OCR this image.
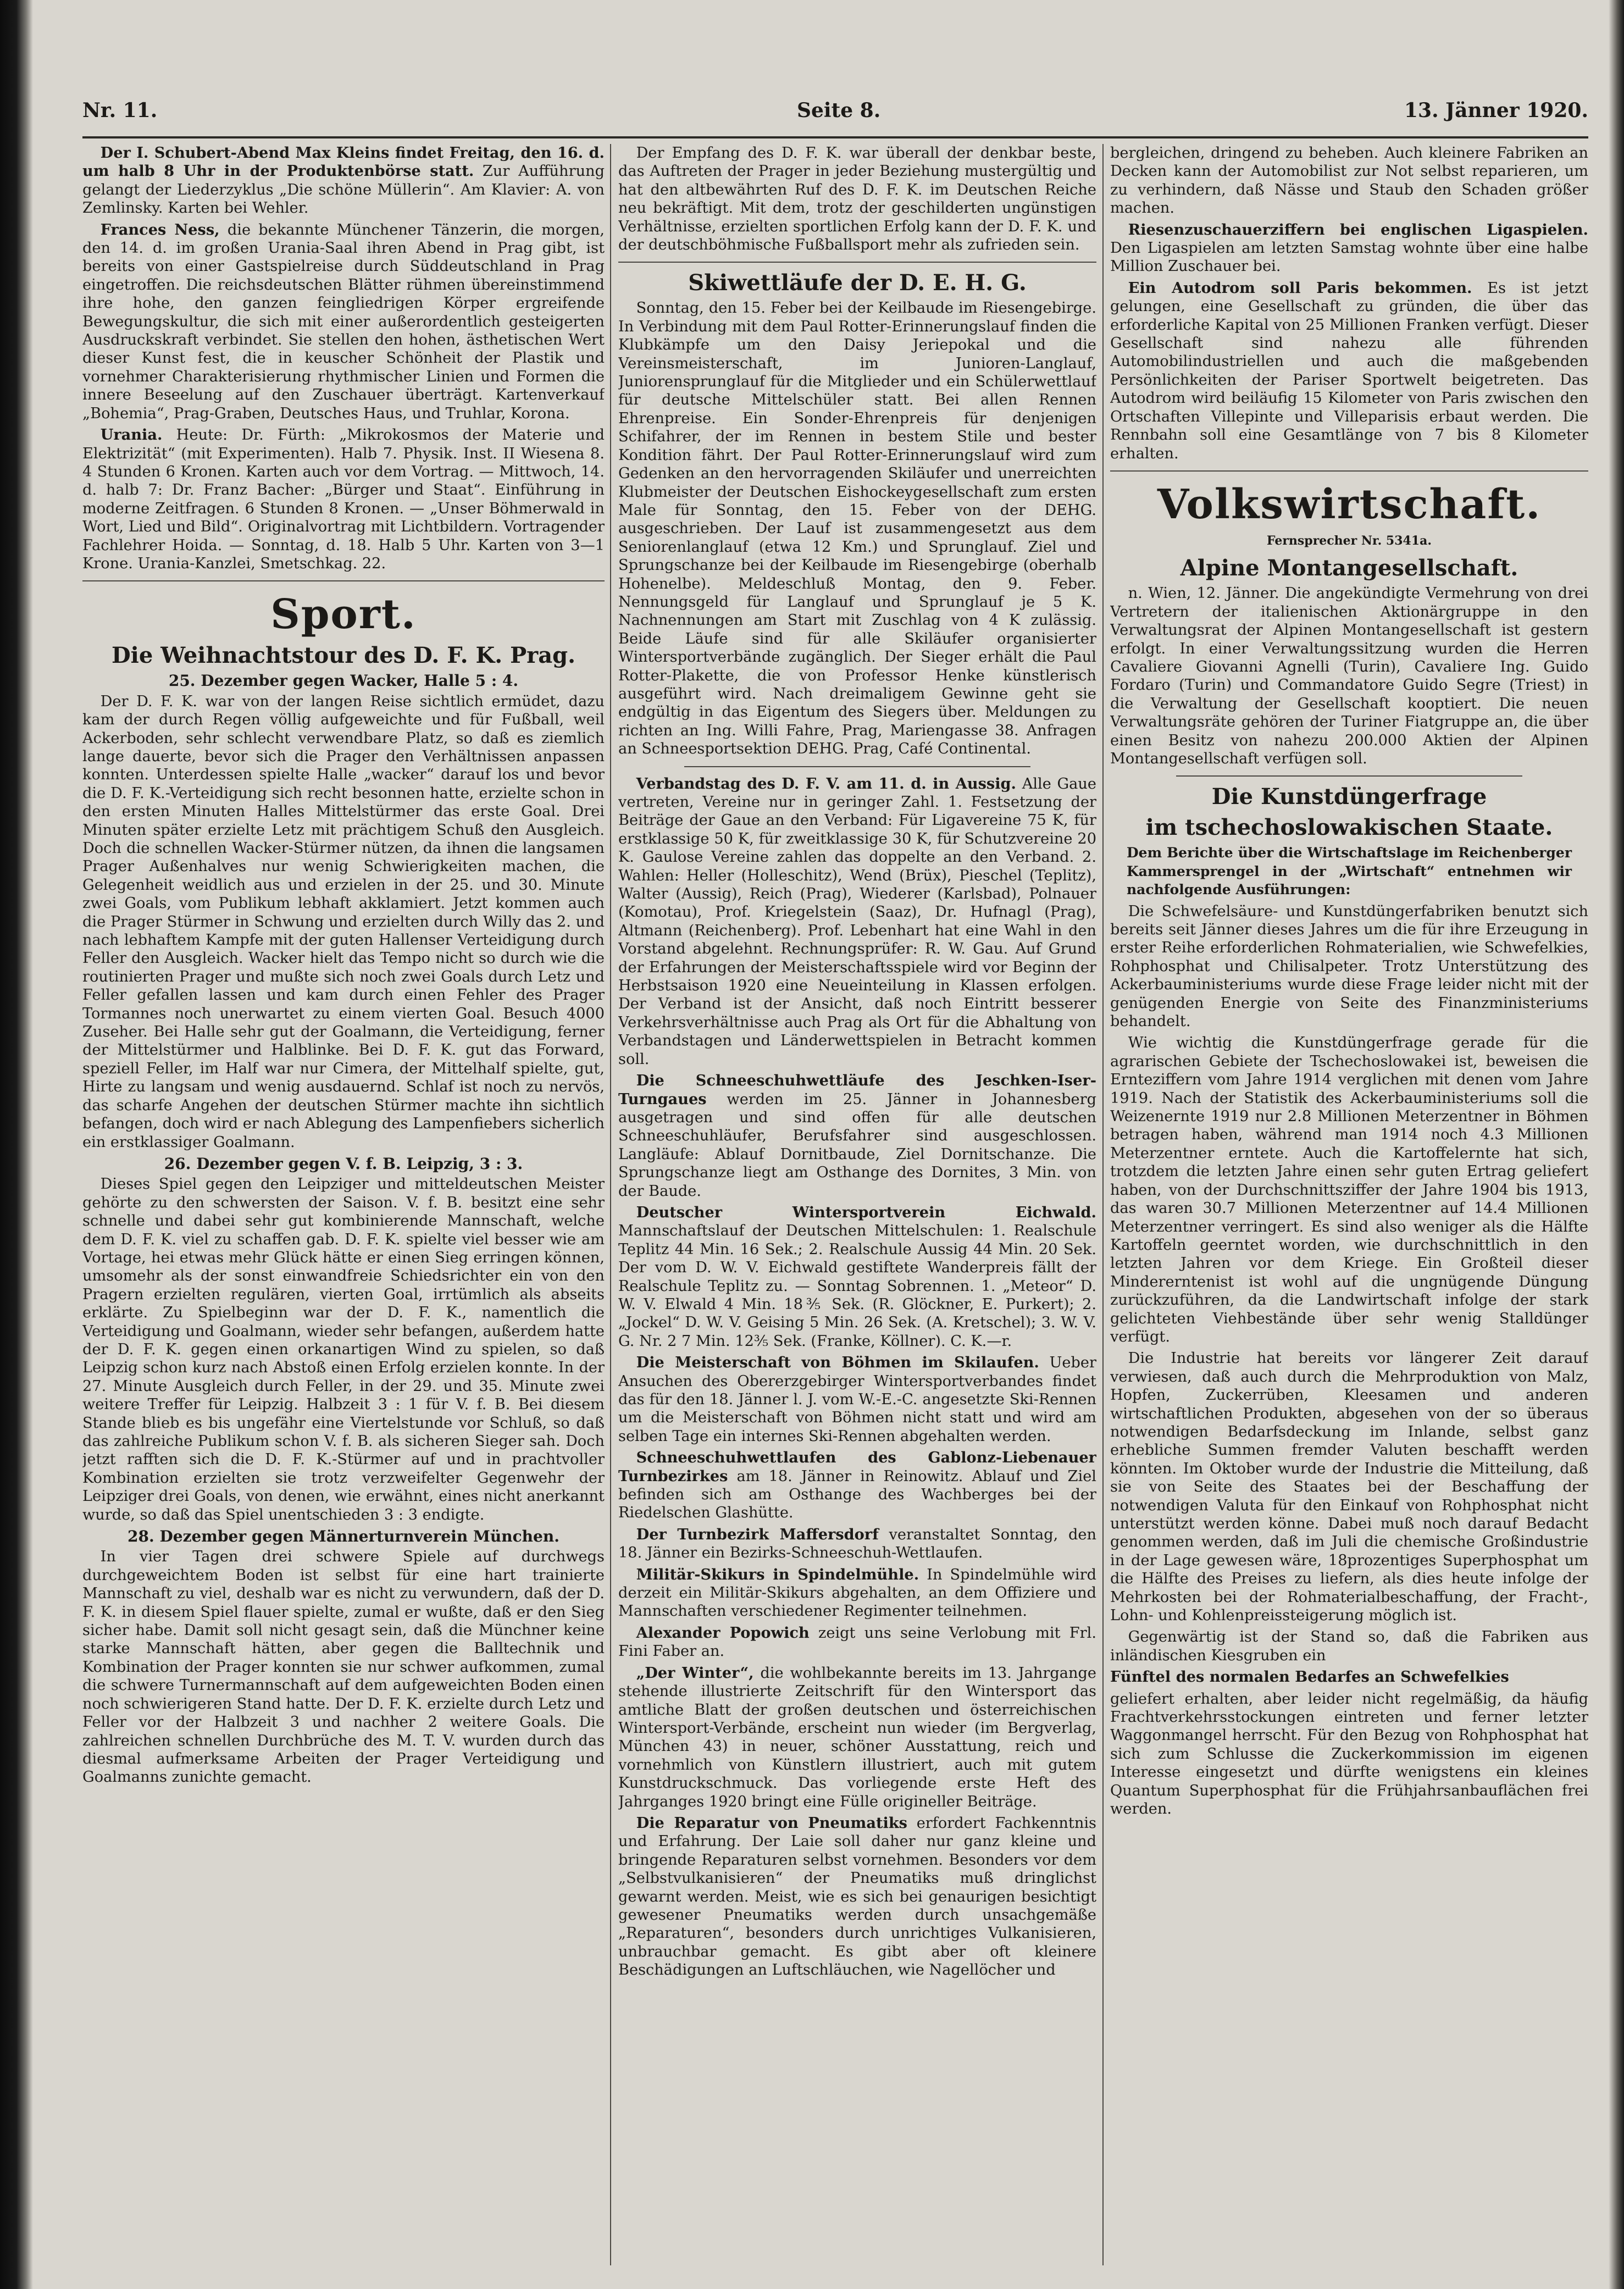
Nr. 11.	Seite 8.	13. Jänner 1920.

Der I. Schubert-Abend Max Kleins findet Freitag, den 16. d. um halb 8 Uhr in der Produktenbörse statt. Zur Aufführung gelangt der Liederzyklus „Die schöne Müllerin“. Am Klavier: A. von Zemlinsky. Karten bei Wehler.

Frances Ness, die bekannte Münchener Tänzerin, die morgen, den 14. d. im großen Urania-Saal ihren Abend in Prag gibt, ist bereits von einer Gastspielreise durch Süddeutschland in Prag eingetroffen. Die reichsdeutschen Blätter rühmen übereinstimmend ihre hohe, den ganzen feingliedrigen Körper ergreifende Bewegungskultur, die sich mit einer außerordentlich gesteigerten Ausdruckskraft verbindet. Sie stellen den hohen, ästhetischen Wert dieser Kunst fest, die in keuscher Schönheit der Plastik und vornehmer Charakterisierung rhythmischer Linien und Formen die innere Beseelung auf den Zuschauer überträgt. Kartenverkauf „Bohemia“, Prag-Graben, Deutsches Haus, und Truhlar, Korona.

Urania. Heute: Dr. Fürth: „Mikrokosmos der Materie und Elektrizität“ (mit Experimenten). Halb 7. Physik. Inst. II Wiesena 8. 4 Stunden 6 Kronen. Karten auch vor dem Vortrag. — Mittwoch, 14. d. halb 7: Dr. Franz Bacher: „Bürger und Staat“. Einführung in moderne Zeitfragen. 6 Stunden 8 Kronen. — „Unser Böhmerwald in Wort, Lied und Bild“. Originalvortrag mit Lichtbildern. Vortragender Fachlehrer Hoida. — Sonntag, d. 18. Halb 5 Uhr. Karten von 3—1 Krone. Urania-Kanzlei, Smetschkag. 22.

Sport.
Die Weihnachtstour des D. F. K. Prag.
25. Dezember gegen Wacker, Halle 5 : 4.

Der D. F. K. war von der langen Reise sichtlich ermüdet, dazu kam der durch Regen völlig aufgeweichte und für Fußball, weil Ackerboden, sehr schlecht verwendbare Platz, so daß es ziemlich lange dauerte, bevor sich die Prager den Verhältnissen anpassen konnten. Unterdessen spielte Halle „wacker“ darauf los und bevor die D. F. K.-Verteidigung sich recht besonnen hatte, erzielte schon in den ersten Minuten Halles Mittelstürmer das erste Goal. Drei Minuten später erzielte Letz mit prächtigem Schuß den Ausgleich. Doch die schnellen Wacker-Stürmer nützen, da ihnen die langsamen Prager Außenhalves nur wenig Schwierigkeiten machen, die Gelegenheit weidlich aus und erzielen in der 25. und 30. Minute zwei Goals, vom Publikum lebhaft akklamiert. Jetzt kommen auch die Prager Stürmer in Schwung und erzielten durch Willy das 2. und nach lebhaftem Kampfe mit der guten Hallenser Verteidigung durch Feller den Ausgleich. Wacker hielt das Tempo nicht so durch wie die routinierten Prager und mußte sich noch zwei Goals durch Letz und Feller gefallen lassen und kam durch einen Fehler des Prager Tormannes noch unerwartet zu einem vierten Goal. Besuch 4000 Zuseher. Bei Halle sehr gut der Goalmann, die Verteidigung, ferner der Mittelstürmer und Halblinke. Bei D. F. K. gut das Forward, speziell Feller, im Half war nur Cimera, der Mittelhalf spielte, gut, Hirte zu langsam und wenig ausdauernd. Schlaf ist noch zu nervös, das scharfe Angehen der deutschen Stürmer machte ihn sichtlich befangen, doch wird er nach Ablegung des Lampenfiebers sicherlich ein erstklassiger Goalmann.

26. Dezember gegen V. f. B. Leipzig, 3 : 3.

Dieses Spiel gegen den Leipziger und mitteldeutschen Meister gehörte zu den schwersten der Saison. V. f. B. besitzt eine sehr schnelle und dabei sehr gut kombinierende Mannschaft, welche dem D. F. K. viel zu schaffen gab. D. F. K. spielte viel besser wie am Vortage, hei etwas mehr Glück hätte er einen Sieg erringen können, umsomehr als der sonst einwandfreie Schiedsrichter ein von den Pragern erzielten regulären, vierten Goal, irrtümlich als abseits erklärte. Zu Spielbeginn war der D. F. K., namentlich die Verteidigung und Goalmann, wieder sehr befangen, außerdem hatte der D. F. K. gegen einen orkanartigen Wind zu spielen, so daß Leipzig schon kurz nach Abstoß einen Erfolg erzielen konnte. In der 27. Minute Ausgleich durch Feller, in der 29. und 35. Minute zwei weitere Treffer für Leipzig. Halbzeit 3 : 1 für V. f. B. Bei diesem Stande blieb es bis ungefähr eine Viertelstunde vor Schluß, so daß das zahlreiche Publikum schon V. f. B. als sicheren Sieger sah. Doch jetzt rafften sich die D. F. K.-Stürmer auf und in prachtvoller Kombination erzielten sie trotz verzweifelter Gegenwehr der Leipziger drei Goals, von denen, wie erwähnt, eines nicht anerkannt wurde, so daß das Spiel unentschieden 3 : 3 endigte.

28. Dezember gegen Männerturnverein München.

In vier Tagen drei schwere Spiele auf durchwegs durchgeweichtem Boden ist selbst für eine hart trainierte Mannschaft zu viel, deshalb war es nicht zu verwundern, daß der D. F. K. in diesem Spiel flauer spielte, zumal er wußte, daß er den Sieg sicher habe. Damit soll nicht gesagt sein, daß die Münchner keine starke Mannschaft hätten, aber gegen die Balltechnik und Kombination der Prager konnten sie nur schwer aufkommen, zumal die schwere Turnermannschaft auf dem aufgeweichten Boden einen noch schwierigeren Stand hatte. Der D. F. K. erzielte durch Letz und Feller vor der Halbzeit 3 und nachher 2 weitere Goals. Die zahlreichen schnellen Durchbrüche des M. T. V. wurden durch das diesmal aufmerksame Arbeiten der Prager Verteidigung und Goalmanns zunichte gemacht.

Der Empfang des D. F. K. war überall der denkbar beste, das Auftreten der Prager in jeder Beziehung mustergültig und hat den altbewährten Ruf des D. F. K. im Deutschen Reiche neu bekräftigt. Mit dem, trotz der geschilderten ungünstigen Verhältnisse, erzielten sportlichen Erfolg kann der D. F. K. und der deutschböhmische Fußballsport mehr als zufrieden sein.

Skiwettläufe der D. E. H. G.

Sonntag, den 15. Feber bei der Keilbaude im Riesengebirge. In Verbindung mit dem Paul Rotter-Erinnerungslauf finden die Klubkämpfe um den Daisy Jeriepokal und die Vereinsmeisterschaft, im Junioren-Langlauf, Juniorensprunglauf für die Mitglieder und ein Schülerwettlauf für deutsche Mittelschüler statt. Bei allen Rennen Ehrenpreise. Ein Sonder-Ehrenpreis für denjenigen Schifahrer, der im Rennen in bestem Stile und bester Kondition fährt. Der Paul Rotter-Erinnerungslauf wird zum Gedenken an den hervorragenden Skiläufer und unerreichten Klubmeister der Deutschen Eishockeygesellschaft zum ersten Male für Sonntag, den 15. Feber von der DEHG. ausgeschrieben. Der Lauf ist zusammengesetzt aus dem Seniorenlanglauf (etwa 12 Km.) und Sprunglauf. Ziel und Sprungschanze bei der Keilbaude im Riesengebirge (oberhalb Hohenelbe). Meldeschluß Montag, den 9. Feber. Nennungsgeld für Langlauf und Sprunglauf je 5 K. Nachnennungen am Start mit Zuschlag von 4 K zulässig. Beide Läufe sind für alle Skiläufer organisierter Wintersportverbände zugänglich. Der Sieger erhält die Paul Rotter-Plakette, die von Professor Henke künstlerisch ausgeführt wird. Nach dreimaligem Gewinne geht sie endgültig in das Eigentum des Siegers über. Meldungen zu richten an Ing. Willi Fahre, Prag, Mariengasse 38. Anfragen an Schneesportsektion DEHG. Prag, Café Continental.

Verbandstag des D. F. V. am 11. d. in Aussig. Alle Gaue vertreten, Vereine nur in geringer Zahl. 1. Festsetzung der Beiträge der Gaue an den Verband: Für Ligavereine 75 K, für erstklassige 50 K, für zweitklassige 30 K, für Schutzvereine 20 K. Gaulose Vereine zahlen das doppelte an den Verband. 2. Wahlen: Heller (Holleschitz), Wend (Brüx), Pieschel (Teplitz), Walter (Aussig), Reich (Prag), Wiederer (Karlsbad), Polnauer (Komotau), Prof. Kriegelstein (Saaz), Dr. Hufnagl (Prag), Altmann (Reichenberg). Prof. Lebenhart hat eine Wahl in den Vorstand abgelehnt. Rechnungsprüfer: R. W. Gau. Auf Grund der Erfahrungen der Meisterschaftsspiele wird vor Beginn der Herbstsaison 1920 eine Neueinteilung in Klassen erfolgen. Der Verband ist der Ansicht, daß noch Eintritt besserer Verkehrsverhältnisse auch Prag als Ort für die Abhaltung von Verbandstagen und Länderwettspielen in Betracht kommen soll.

Die Schneeschuhwettläufe des Jeschken-Iser-Turngaues werden im 25. Jänner in Johannesberg ausgetragen und sind offen für alle deutschen Schneeschuhläufer, Berufsfahrer sind ausgeschlossen. Langläufe: Ablauf Dornitbaude, Ziel Dornitschanze. Die Sprungschanze liegt am Osthange des Dornites, 3 Min. von der Baude.

Deutscher Wintersportverein Eichwald. Mannschaftslauf der Deutschen Mittelschulen: 1. Realschule Teplitz 44 Min. 16 Sek.; 2. Realschule Aussig 44 Min. 20 Sek. Der vom D. W. V. Eichwald gestiftete Wanderpreis fällt der Realschule Teplitz zu. — Sonntag Sobrennen. 1. „Meteor“ D. W. V. Elwald 4 Min. 18⅗ Sek. (R. Glöckner, E. Purkert); 2. „Jockel“ D. W. V. Geising 5 Min. 26 Sek. (A. Kretschel); 3. W. V. G. Nr. 2 7 Min. 12⅗ Sek. (Franke, Köllner). C. K.—r.

Die Meisterschaft von Böhmen im Skilaufen. Ueber Ansuchen des Obererzgebirger Wintersportverbandes findet das für den 18. Jänner l. J. vom W.-E.-C. angesetzte Ski-Rennen um die Meisterschaft von Böhmen nicht statt und wird am selben Tage ein internes Ski-Rennen abgehalten werden.

Schneeschuhwettlaufen des Gablonz-Liebenauer Turnbezirkes am 18. Jänner in Reinowitz. Ablauf und Ziel befinden sich am Osthange des Wachberges bei der Riedelschen Glashütte.

Der Turnbezirk Maffersdorf veranstaltet Sonntag, den 18. Jänner ein Bezirks-Schneeschuh-Wettlaufen.

Militär-Skikurs in Spindelmühle. In Spindelmühle wird derzeit ein Militär-Skikurs abgehalten, an dem Offiziere und Mannschaften verschiedener Regimenter teilnehmen.

Alexander Popowich zeigt uns seine Verlobung mit Frl. Fini Faber an.

„Der Winter“, die wohlbekannte bereits im 13. Jahrgange stehende illustrierte Zeitschrift für den Wintersport das amtliche Blatt der großen deutschen und österreichischen Wintersport-Verbände, erscheint nun wieder (im Bergverlag, München 43) in neuer, schöner Ausstattung, reich und vornehmlich von Künstlern illustriert, auch mit gutem Kunstdruckschmuck. Das vorliegende erste Heft des Jahrganges 1920 bringt eine Fülle origineller Beiträge.

Die Reparatur von Pneumatiks erfordert Fachkenntnis und Erfahrung. Der Laie soll daher nur ganz kleine und bringende Reparaturen selbst vornehmen. Besonders vor dem „Selbstvulkanisieren“ der Pneumatiks muß dringlichst gewarnt werden. Meist, wie es sich bei genaurigen besichtigt gewesener Pneumatiks werden durch unsachgemäße „Reparaturen“, besonders durch unrichtiges Vulkanisieren, unbrauchbar gemacht. Es gibt aber oft kleinere Beschädigungen an Luftschläuchen, wie Nagellöcher und

bergleichen, dringend zu beheben. Auch kleinere Fabriken an Decken kann der Automobilist zur Not selbst reparieren, um zu verhindern, daß Nässe und Staub den Schaden größer machen.

Riesenzuschauerziffern bei englischen Ligaspielen. Den Ligaspielen am letzten Samstag wohnte über eine halbe Million Zuschauer bei.

Ein Autodrom soll Paris bekommen. Es ist jetzt gelungen, eine Gesellschaft zu gründen, die über das erforderliche Kapital von 25 Millionen Franken verfügt. Dieser Gesellschaft sind nahezu alle führenden Automobilindustriellen und auch die maßgebenden Persönlichkeiten der Pariser Sportwelt beigetreten. Das Autodrom wird beiläufig 15 Kilometer von Paris zwischen den Ortschaften Villepinte und Villeparisis erbaut werden. Die Rennbahn soll eine Gesamtlänge von 7 bis 8 Kilometer erhalten.

Volkswirtschaft.
Fernsprecher Nr. 5341a.
Alpine Montangesellschaft.

n. Wien, 12. Jänner. Die angekündigte Vermehrung von drei Vertretern der italienischen Aktionärgruppe in den Verwaltungsrat der Alpinen Montangesellschaft ist gestern erfolgt. In einer Verwaltungssitzung wurden die Herren Cavaliere Giovanni Agnelli (Turin), Cavaliere Ing. Guido Fordaro (Turin) und Commandatore Guido Segre (Triest) in die Verwaltung der Gesellschaft kooptiert. Die neuen Verwaltungsräte gehören der Turiner Fiatgruppe an, die über einen Besitz von nahezu 200.000 Aktien der Alpinen Montangesellschaft verfügen soll.

Die Kunstdüngerfrage
im tschechoslowakischen Staate.

Dem Berichte über die Wirtschaftslage im Reichenberger Kammersprengel in der „Wirtschaft“ entnehmen wir nachfolgende Ausführungen:

Die Schwefelsäure- und Kunstdüngerfabriken benutzt sich bereits seit Jänner dieses Jahres um die für ihre Erzeugung in erster Reihe erforderlichen Rohmaterialien, wie Schwefelkies, Rohphosphat und Chilisalpeter. Trotz Unterstützung des Ackerbauministeriums wurde diese Frage leider nicht mit der genügenden Energie von Seite des Finanzministeriums behandelt.

Wie wichtig die Kunstdüngerfrage gerade für die agrarischen Gebiete der Tschechoslowakei ist, beweisen die Ernteziffern vom Jahre 1914 verglichen mit denen vom Jahre 1919. Nach der Statistik des Ackerbauministeriums soll die Weizenernte 1919 nur 2.8 Millionen Meterzentner in Böhmen betragen haben, während man 1914 noch 4.3 Millionen Meterzentner erntete. Auch die Kartoffelernte hat sich, trotzdem die letzten Jahre einen sehr guten Ertrag geliefert haben, von der Durchschnittsziffer der Jahre 1904 bis 1913, das waren 30.7 Millionen Meterzentner auf 14.4 Millionen Meterzentner verringert. Es sind also weniger als die Hälfte Kartoffeln geerntet worden, wie durchschnittlich in den letzten Jahren vor dem Kriege. Ein Großteil dieser Mindererntenist ist wohl auf die ungnügende Düngung zurückzuführen, da die Landwirtschaft infolge der stark gelichteten Viehbestände über sehr wenig Stalldünger verfügt.

Die Industrie hat bereits vor längerer Zeit darauf verwiesen, daß auch durch die Mehrproduktion von Malz, Hopfen, Zuckerrüben, Kleesamen und anderen wirtschaftlichen Produkten, abgesehen von der so überaus notwendigen Bedarfsdeckung im Inlande, selbst ganz erhebliche Summen fremder Valuten beschafft werden könnten. Im Oktober wurde der Industrie die Mitteilung, daß sie von Seite des Staates bei der Beschaffung der notwendigen Valuta für den Einkauf von Rohphosphat nicht unterstützt werden könne. Dabei muß noch darauf Bedacht genommen werden, daß im Juli die chemische Großindustrie in der Lage gewesen wäre, 18prozentiges Superphosphat um die Hälfte des Preises zu liefern, als dies heute infolge der Mehrkosten bei der Rohmaterialbeschaffung, der Fracht-, Lohn- und Kohlenpreissteigerung möglich ist.

Gegenwärtig ist der Stand so, daß die Fabriken aus inländischen Kiesgruben ein

Fünftel des normalen Bedarfes an Schwefelkies

geliefert erhalten, aber leider nicht regelmäßig, da häufig Frachtverkehrsstockungen eintreten und ferner letzter Waggonmangel herrscht. Für den Bezug von Rohphosphat hat sich zum Schlusse die Zuckerkommission im eigenen Interesse eingesetzt und dürfte wenigstens ein kleines Quantum Superphosphat für die Frühjahrsanbauflächen frei werden.
